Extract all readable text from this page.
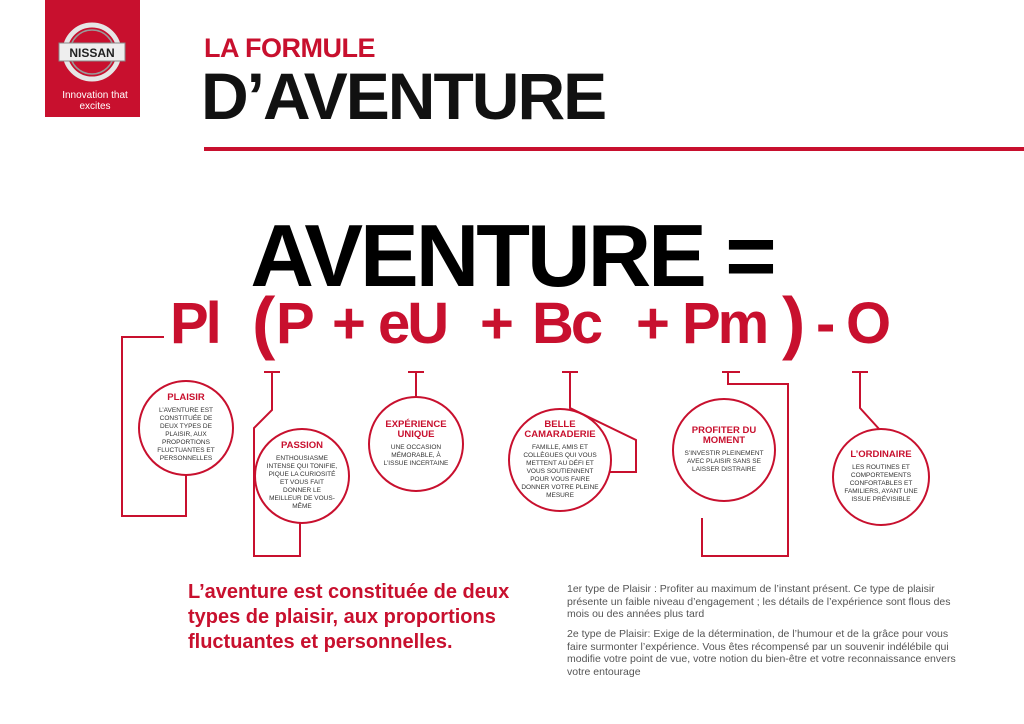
NISSAN
Innovation that excites
LA FORMULE
D’AVENTURE
AVENTURE =
Pl ( P + eU + Bc + Pm ) - O
PLAISIR
L’AVENTURE EST CONSTITUÉE DE DEUX TYPES DE PLAISIR, AUX PROPORTIONS FLUCTUANTES ET PERSONNELLES
PASSION
ENTHOUSIASME INTENSE QUI TONIFIE, PIQUE LA CURIOSITÉ ET VOUS FAIT DONNER LE MEILLEUR DE VOUS-MÊME
EXPÉRIENCE UNIQUE
UNE OCCASION MÉMORABLE, À L’ISSUE INCERTAINE
BELLE CAMARADERIE
FAMILLE, AMIS ET COLLÈGUES QUI VOUS METTENT AU DÉFI ET VOUS SOUTIENNENT POUR VOUS FAIRE DONNER VOTRE PLEINE MESURE
PROFITER DU MOMENT
S’INVESTIR PLEINEMENT AVEC PLAISIR SANS SE LAISSER DISTRAIRE
L’ORDINAIRE
LES ROUTINES ET COMPORTEMENTS CONFORTABLES ET FAMILIERS, AYANT UNE ISSUE PRÉVISIBLE
L’aventure est constituée de deux types de plaisir, aux proportions fluctuantes et personnelles.
1er type de Plaisir : Profiter au maximum de l’instant présent. Ce type de plaisir présente un faible niveau d’engagement ; les détails de l’expérience sont flous des mois ou des années plus tard
2e type de Plaisir: Exige de la détermination, de l’humour et de la grâce pour vous faire surmonter l’expérience. Vous êtes récompensé par un souvenir indélébile qui modifie votre point de vue, votre notion du bien-être et votre reconnaissance envers votre entourage
